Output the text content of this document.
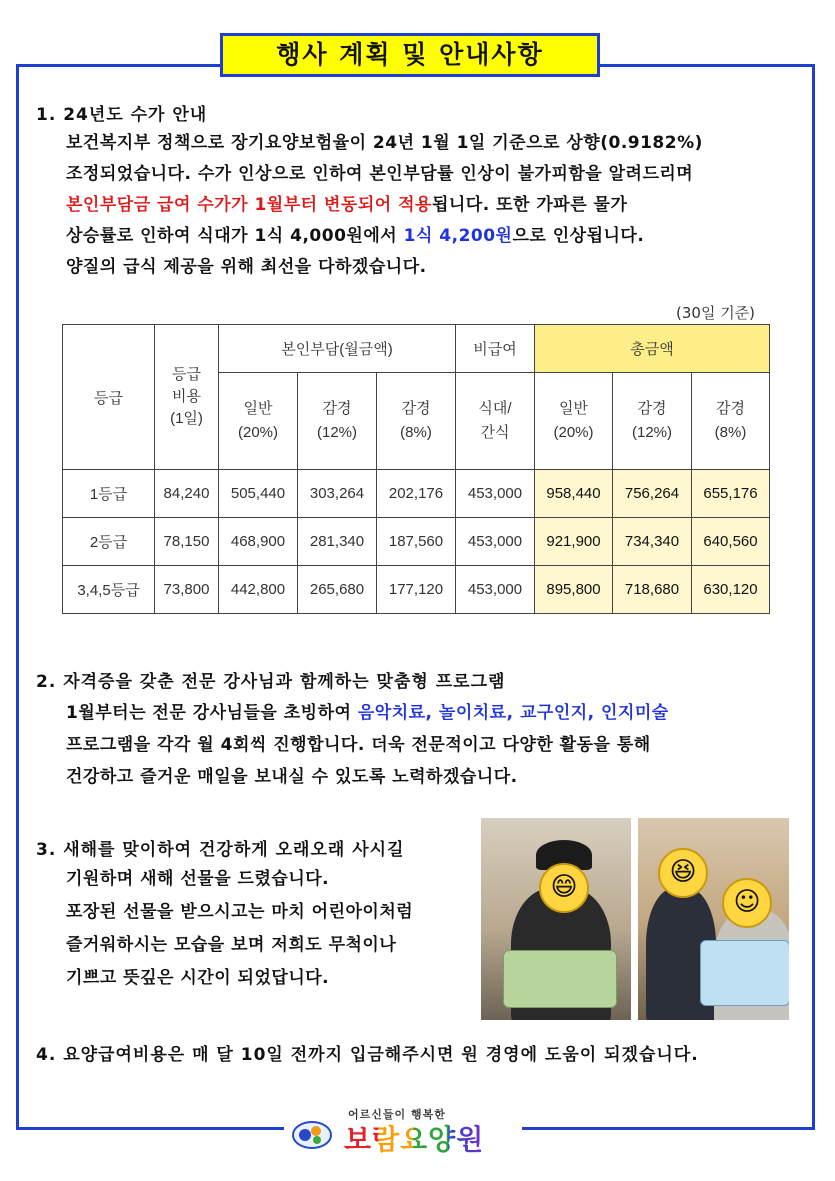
행사 계획 및 안내사항
1. 24년도 수가 안내
보건복지부 정책으로 장기요양보험율이 24년 1월 1일 기준으로 상향(0.9182%)
조정되었습니다. 수가 인상으로 인하여 본인부담률 인상이 불가피함을 알려드리며
본인부담금 급여 수가가 1월부터 변동되어 적용됩니다. 또한 가파른 물가
상승률로 인하여 식대가 1식 4,000원에서 1식 4,200원으로 인상됩니다.
양질의 급식 제공을 위해 최선을 다하겠습니다.
(30일 기준)
등급	등급 비용 (1일)	본인부담(월금액)			비급여	총금액		
		일반 (20%)	감경 (12%)	감경 (8%)	식대/ 간식	일반 (20%)	감경 (12%)	감경 (8%)
1등급	84,240	505,440	303,264	202,176	453,000	958,440	756,264	655,176
2등급	78,150	468,900	281,340	187,560	453,000	921,900	734,340	640,560
3,4,5등급	73,800	442,800	265,680	177,120	453,000	895,800	718,680	630,120
2. 자격증을 갖춘 전문 강사님과 함께하는 맞춤형 프로그램
1월부터는 전문 강사님들을 초빙하여 음악치료, 놀이치료, 교구인지, 인지미술
프로그램을 각각 월 4회씩 진행합니다. 더욱 전문적이고 다양한 활동을 통해
건강하고 즐거운 매일을 보내실 수 있도록 노력하겠습니다.
3. 새해를 맞이하여 건강하게 오래오래 사시길
기원하며 새해 선물을 드렸습니다.
포장된 선물을 받으시고는 마치 어린아이처럼
즐거워하시는 모습을 보며 저희도 무척이나
기쁘고 뜻깊은 시간이 되었답니다.
😄	😆
☺
4. 요양급여비용은 매 달 10일 전까지 입금해주시면 원 경영에 도움이 되겠습니다.
어르신들이 행복한
보람요양원
